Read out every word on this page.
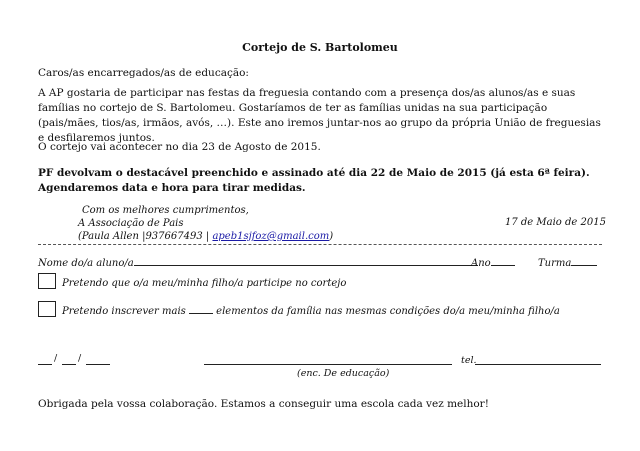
Cortejo de S. Bartolomeu
Caros/as encarregados/as de educação:
A AP gostaria de participar nas festas da freguesia contando com a presença dos/as alunos/as e suas famílias no cortejo de S. Bartolomeu. Gostaríamos de ter as famílias unidas na sua participação (pais/mães, tios/as, irmãos, avós, …). Este ano iremos juntar-nos ao grupo da própria União de freguesias e desfilaremos juntos.
O cortejo vai acontecer no dia 23 de Agosto de 2015.
PF devolvam o destacável preenchido e assinado até dia 22 de Maio de 2015 (já esta 6ª feira). Agendaremos data e hora para tirar medidas.
Com os melhores cumprimentos,
A Associação de Pais
(Paula Allen |937667493 | apeb1sjfoz@gmail.com)
17 de Maio de 2015
Nome do/a aluno/a	Ano	Turma
Pretendo que o/a meu/minha filho/a participe no cortejo
Pretendo inscrever mais	elementos da família nas mesmas condições do/a meu/minha filho/a
/ /	tel.
(enc. De educação)
Obrigada pela vossa colaboração. Estamos a conseguir uma escola cada vez melhor!
